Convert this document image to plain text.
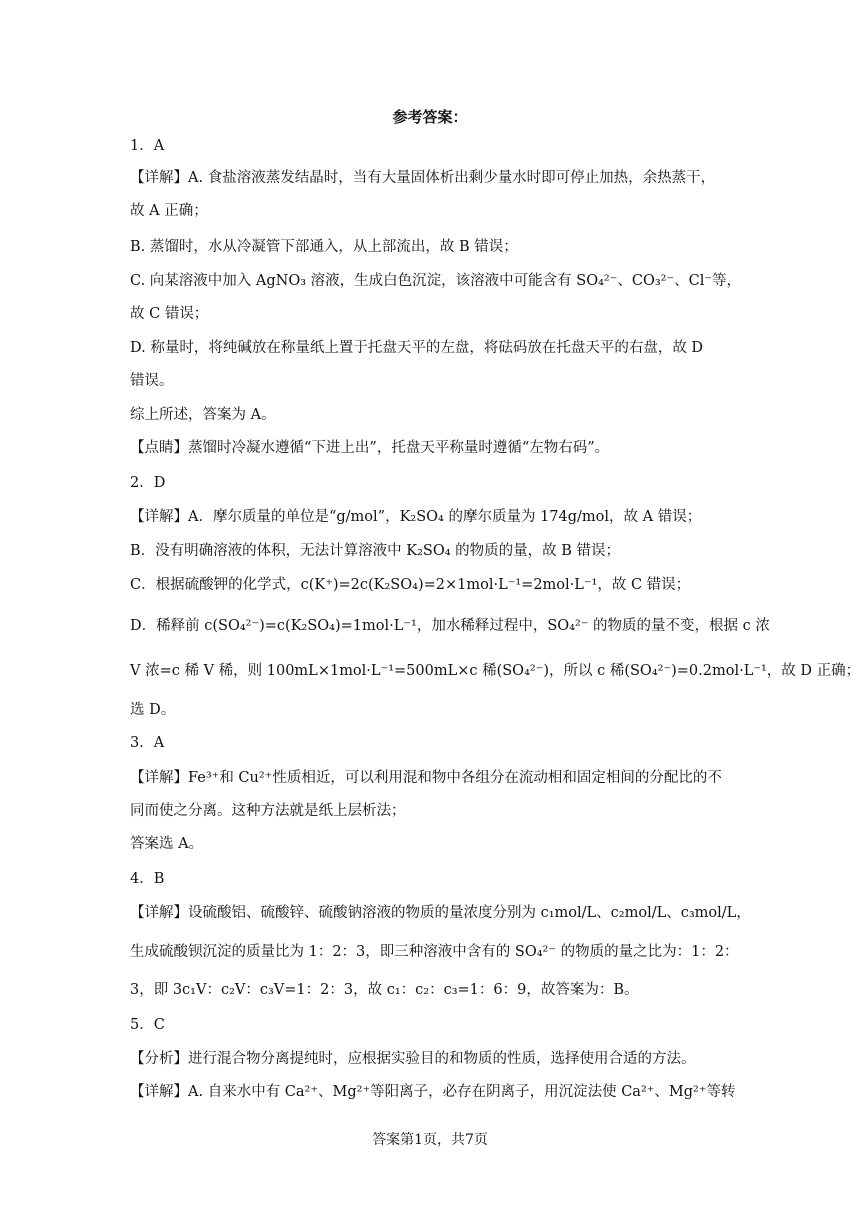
参考答案：
1．A
【详解】A. 食盐溶液蒸发结晶时，当有大量固体析出剩少量水时即可停止加热，余热蒸干，
故 A 正确；
B. 蒸馏时，水从冷凝管下部通入，从上部流出，故 B 错误；
C. 向某溶液中加入 AgNO₃ 溶液，生成白色沉淀，该溶液中可能含有 SO₄²⁻、CO₃²⁻、Cl⁻等，
故 C 错误；
D. 称量时，将纯碱放在称量纸上置于托盘天平的左盘，将砝码放在托盘天平的右盘，故 D
错误。
综上所述，答案为 A。
【点睛】蒸馏时冷凝水遵循“下进上出”，托盘天平称量时遵循“左物右码”。
2．D
【详解】A．摩尔质量的单位是“g/mol”，K₂SO₄ 的摩尔质量为 174g/mol，故 A 错误；
B．没有明确溶液的体积，无法计算溶液中 K₂SO₄ 的物质的量，故 B 错误；
C．根据硫酸钾的化学式，c(K⁺)=2c(K₂SO₄)=2×1mol·L⁻¹=2mol·L⁻¹，故 C 错误；
D．稀释前 c(SO₄²⁻)=c(K₂SO₄)=1mol·L⁻¹，加水稀释过程中，SO₄²⁻ 的物质的量不变，根据 c 浓
V 浓=c 稀 V 稀，则 100mL×1mol·L⁻¹=500mL×c 稀(SO₄²⁻)，所以 c 稀(SO₄²⁻)=0.2mol·L⁻¹，故 D 正确；
选 D。
3．A
【详解】Fe³⁺和 Cu²⁺性质相近，可以利用混和物中各组分在流动相和固定相间的分配比的不
同而使之分离。这种方法就是纸上层析法；
答案选 A。
4．B
【详解】设硫酸铝、硫酸锌、硫酸钠溶液的物质的量浓度分别为 c₁mol/L、c₂mol/L、c₃mol/L，
生成硫酸钡沉淀的质量比为 1：2：3，即三种溶液中含有的 SO₄²⁻ 的物质的量之比为：1：2：
3，即 3c₁V：c₂V：c₃V=1：2：3，故 c₁：c₂：c₃=1：6：9，故答案为：B。
5．C
【分析】进行混合物分离提纯时，应根据实验目的和物质的性质，选择使用合适的方法。
【详解】A. 自来水中有 Ca²⁺、Mg²⁺等阳离子，必存在阴离子，用沉淀法使 Ca²⁺、Mg²⁺等转
答案第1页，共7页
